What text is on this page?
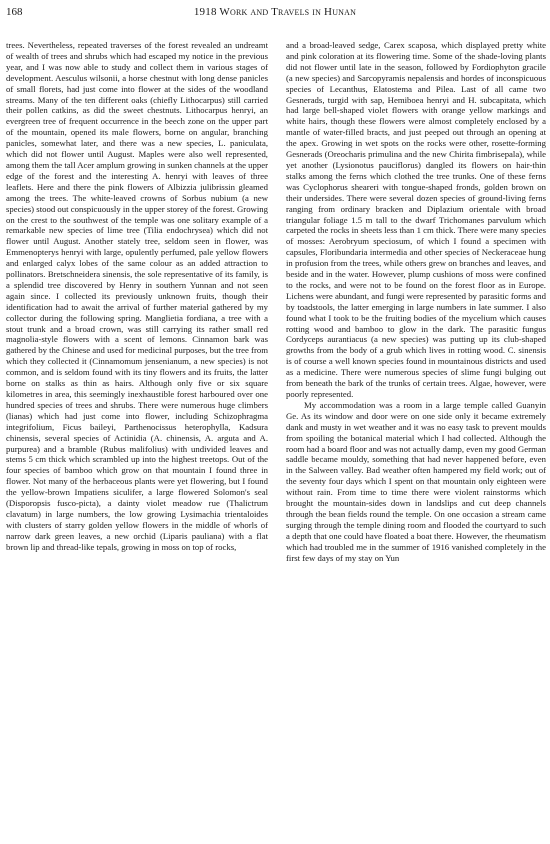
168	1918 Work and Travels in Hunan

trees. Nevertheless, repeated traverses of the forest revealed an undreamt of wealth of trees and shrubs which had escaped my notice in the previous year, and I was now able to study and collect them in various stages of development. Aesculus wilsonii, a horse chestnut with long dense panicles of small florets, had just come into flower at the sides of the woodland streams. Many of the ten different oaks (chiefly Lithocarpus) still carried their pollen catkins, as did the sweet chestnuts. Lithocarpus henryi, an evergreen tree of frequent occurrence in the beech zone on the upper part of the mountain, opened its male flowers, borne on angular, branching panicles, somewhat later, and there was a new species, L. paniculata, which did not flower until August. Maples were also well represented, among them the tall Acer amplum growing in sunken channels at the upper edge of the forest and the interesting A. henryi with leaves of three leaflets. Here and there the pink flowers of Albizzia julibrissin gleamed among the trees. The white-leaved crowns of Sorbus nubium (a new species) stood out conspicuously in the upper storey of the forest. Growing on the crest to the southwest of the temple was one solitary example of a remarkable new species of lime tree (Tilia endochrysea) which did not flower until August. Another stately tree, seldom seen in flower, was Emmenopterys henryi with large, opulently perfumed, pale yellow flowers and enlarged calyx lobes of the same colour as an added attraction to pollinators. Bretschneidera sinensis, the sole representative of its family, is a splendid tree discovered by Henry in southern Yunnan and not seen again since. I collected its previously unknown fruits, though their identification had to await the arrival of further material gathered by my collector during the following spring. Manglietia fordiana, a tree with a stout trunk and a broad crown, was still carrying its rather small red magnolia-style flowers with a scent of lemons. Cinnamon bark was gathered by the Chinese and used for medicinal purposes, but the tree from which they collected it (Cinnamomum jensenianum, a new species) is not common, and is seldom found with its tiny flowers and its fruits, the latter borne on stalks as thin as hairs. Although only five or six square kilometres in area, this seemingly inexhaustible forest harboured over one hundred species of trees and shrubs. There were numerous huge climbers (lianas) which had just come into flower, including Schizophragma integrifolium, Ficus baileyi, Parthenocissus heterophylla, Kadsura chinensis, several species of Actinidia (A. chinensis, A. arguta and A. purpurea) and a bramble (Rubus malifolius) with undivided leaves and stems 5 cm thick which scrambled up into the highest treetops. Out of the four species of bamboo which grow on that mountain I found three in flower. Not many of the herbaceous plants were yet flowering, but I found the yellow-brown Impatiens siculifer, a large flowered Solomon's seal (Disporopsis fusco-picta), a dainty violet meadow rue (Thalictrum clavatum) in large numbers, the low growing Lysimachia trientaloides with clusters of starry golden yellow flowers in the middle of whorls of narrow dark green leaves, a new orchid (Liparis pauliana) with a flat brown lip and thread-like tepals, growing in moss on top of rocks,

and a broad-leaved sedge, Carex scaposa, which displayed pretty white and pink coloration at its flowering time. Some of the shade-loving plants did not flower until late in the season, followed by Fordiophyton gracile (a new species) and Sarcopyramis nepalensis and hordes of inconspicuous species of Lecanthus, Elatostema and Pilea. Last of all came two Gesnerads, turgid with sap, Hemiboea henryi and H. subcapitata, which had large bell-shaped violet flowers with orange yellow markings and white hairs, though these flowers were almost completely enclosed by a mantle of water-filled bracts, and just peeped out through an opening at the apex. Growing in wet spots on the rocks were other, rosette-forming Gesnerads (Oreocharis primulina and the new Chirita fimbrisepala), while yet another (Lysionotus pauciflorus) dangled its flowers on hair-thin stalks among the ferns which clothed the tree trunks. One of these ferns was Cyclophorus sheareri with tongue-shaped fronds, golden brown on their undersides. There were several dozen species of ground-living ferns ranging from ordinary bracken and Diplazium orientale with broad triangular foliage 1.5 m tall to the dwarf Trichomanes parvulum which carpeted the rocks in sheets less than 1 cm thick. There were many species of mosses: Aerobryum speciosum, of which I found a specimen with capsules, Floribundaria intermedia and other species of Neckeraceae hung in profusion from the trees, while others grew on branches and leaves, and beside and in the water. However, plump cushions of moss were confined to the rocks, and were not to be found on the forest floor as in Europe. Lichens were abundant, and fungi were represented by parasitic forms and by toadstools, the latter emerging in large numbers in late summer. I also found what I took to be the fruiting bodies of the mycelium which causes rotting wood and bamboo to glow in the dark. The parasitic fungus Cordyceps aurantiacus (a new species) was putting up its club-shaped growths from the body of a grub which lives in rotting wood. C. sinensis is of course a well known species found in mountainous districts and used as a medicine. There were numerous species of slime fungi bulging out from beneath the bark of the trunks of certain trees. Algae, however, were poorly represented.

My accommodation was a room in a large temple called Guanyin Ge. As its window and door were on one side only it became extremely dank and musty in wet weather and it was no easy task to prevent moulds from spoiling the botanical material which I had collected. Although the room had a board floor and was not actually damp, even my good German saddle became mouldy, something that had never happened before, even in the Salween valley. Bad weather often hampered my field work; out of the seventy four days which I spent on that mountain only eighteen were without rain. From time to time there were violent rainstorms which brought the mountain-sides down in landslips and cut deep channels through the bean fields round the temple. On one occasion a stream came surging through the temple dining room and flooded the courtyard to such a depth that one could have floated a boat there. However, the rheumatism which had troubled me in the summer of 1916 vanished completely in the first few days of my stay on Yun
